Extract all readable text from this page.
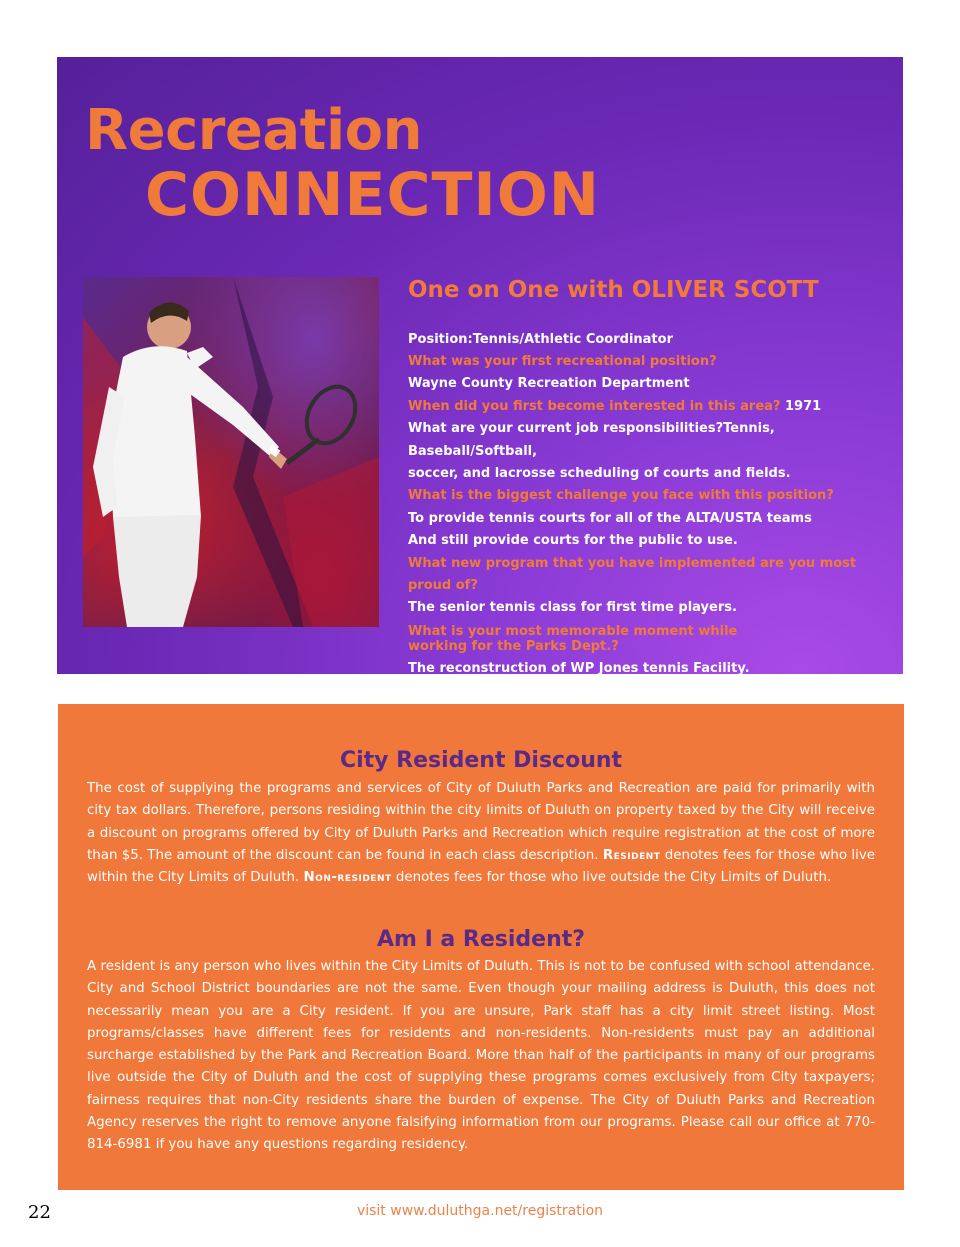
Recreation
CONNECTION

One on One with OLIVER SCOTT

Position:Tennis/Athletic Coordinator

What was your first recreational position?

Wayne County Recreation Department

When did you first become interested in this area? 1971

What are your current job responsibilities?Tennis, Baseball/Softball,

soccer, and lacrosse scheduling of courts and fields.

What is the biggest challenge you face with this position?

To provide tennis courts for all of the ALTA/USTA teams

And still provide courts for the public to use.

What new program that you have implemented are you most proud of?

The senior tennis class for first time players.

What is your most memorable moment while

working for the Parks Dept.?

The reconstruction of WP Jones tennis Facility.

City Resident Discount

The cost of supplying the programs and services of City of Duluth Parks and Recreation are paid for primarily with city tax dollars. Therefore, persons residing within the city limits of Duluth on property taxed by the City will receive a discount on programs offered by City of Duluth Parks and Recreation which require registration at the cost of more than $5. The amount of the discount can be found in each class description. Resident denotes fees for those who live within the City Limits of Duluth. Non-resident denotes fees for those who live outside the City Limits of Duluth.

Am I a Resident?

A resident is any person who lives within the City Limits of Duluth. This is not to be confused with school attendance. City and School District boundaries are not the same. Even though your mailing address is Duluth, this does not necessarily mean you are a City resident. If you are unsure, Park staff has a city limit street listing. Most programs/classes have different fees for residents and non-residents. Non-residents must pay an additional surcharge established by the Park and Recreation Board. More than half of the participants in many of our programs live outside the City of Duluth and the cost of supplying these programs comes exclusively from City taxpayers; fairness requires that non-City residents share the burden of expense. The City of Duluth Parks and Recreation Agency reserves the right to remove anyone falsifying information from our programs. Please call our office at 770-814-6981 if you have any questions regarding residency.

22	visit www.duluthga.net/registration
